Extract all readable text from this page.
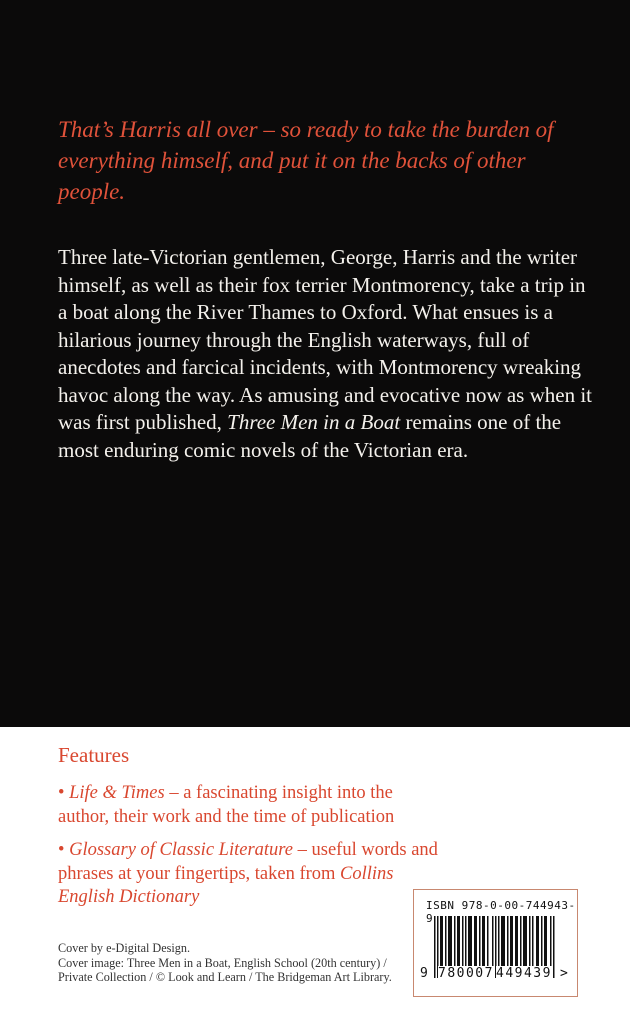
That’s Harris all over – so ready to take the burden of everything himself, and put it on the backs of other people.
Three late-Victorian gentlemen, George, Harris and the writer himself, as well as their fox terrier Montmorency, take a trip in a boat along the River Thames to Oxford. What ensues is a hilarious journey through the English waterways, full of anecdotes and farcical incidents, with Montmorency wreaking havoc along the way. As amusing and evocative now as when it was first published, Three Men in a Boat remains one of the most enduring comic novels of the Victorian era.
Features
• Life & Times – a fascinating insight into the author, their work and the time of publication
• Glossary of Classic Literature – useful words and phrases at your fingertips, taken from Collins English Dictionary
Cover by e-Digital Design.
Cover image: Three Men in a Boat, English School (20th century) /
Private Collection / © Look and Learn / The Bridgeman Art Library.
ISBN 978-0-00-744943-9
9 780007 449439 >
